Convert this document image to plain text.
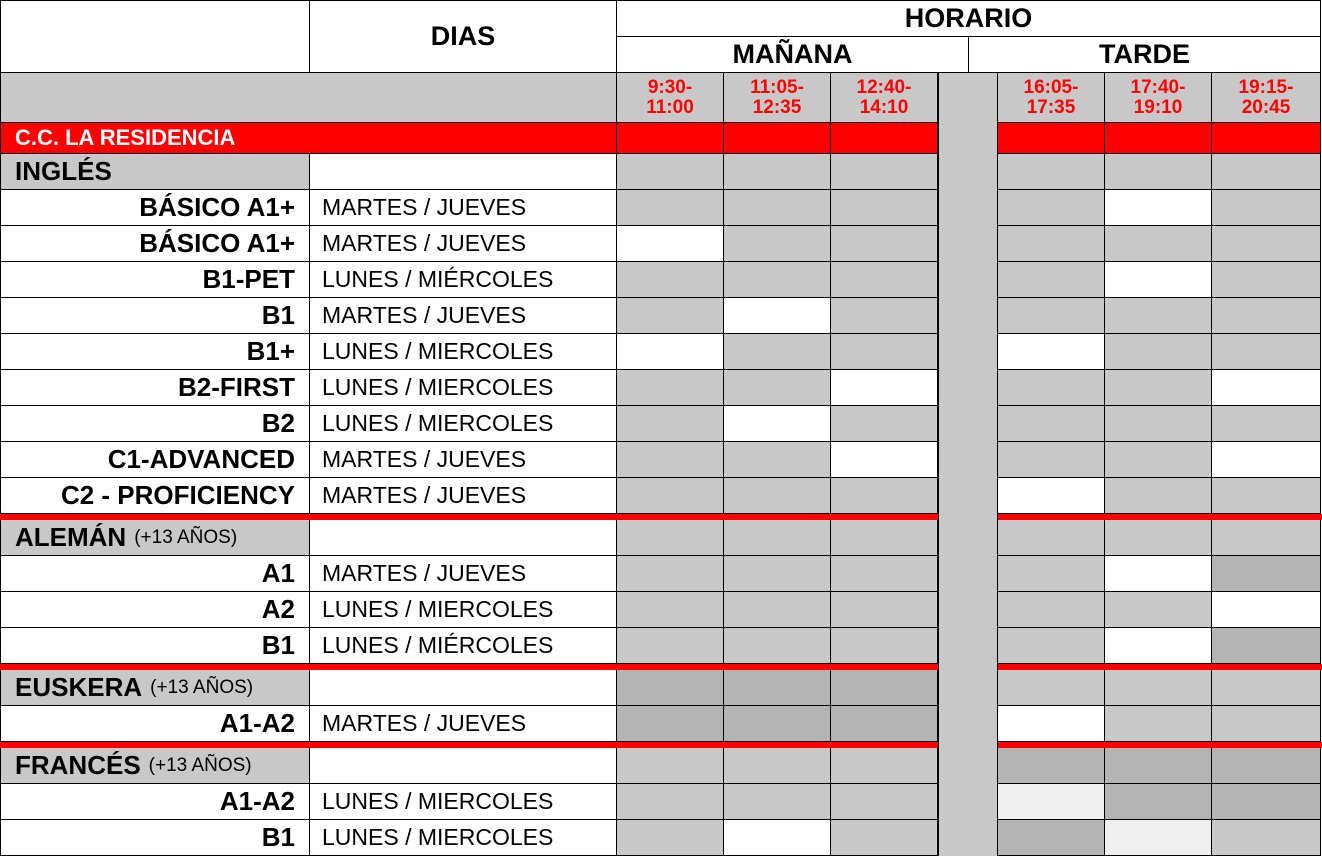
DIAS
HORARIO
MAÑANA	TARDE
9:30-
11:00
11:05-
12:35
12:40-
14:10
16:05-
17:35
17:40-
19:10
19:15-
20:45
C.C. LA RESIDENCIA
INGLÉS
BÁSICO A1+	MARTES / JUEVES
BÁSICO A1+	MARTES / JUEVES
B1-PET	LUNES / MIÉRCOLES
B1	MARTES / JUEVES
B1+	LUNES / MIERCOLES
B2-FIRST	LUNES / MIERCOLES
B2	LUNES / MIERCOLES
C1-ADVANCED	MARTES / JUEVES
C2 - PROFICIENCY	MARTES / JUEVES
ALEMÁN (+13 AÑOS)
A1	MARTES / JUEVES
A2	LUNES / MIERCOLES
B1	LUNES / MIÉRCOLES
EUSKERA (+13 AÑOS)
A1-A2	MARTES / JUEVES
FRANCÉS (+13 AÑOS)
A1-A2	LUNES / MIERCOLES
B1	LUNES / MIERCOLES
